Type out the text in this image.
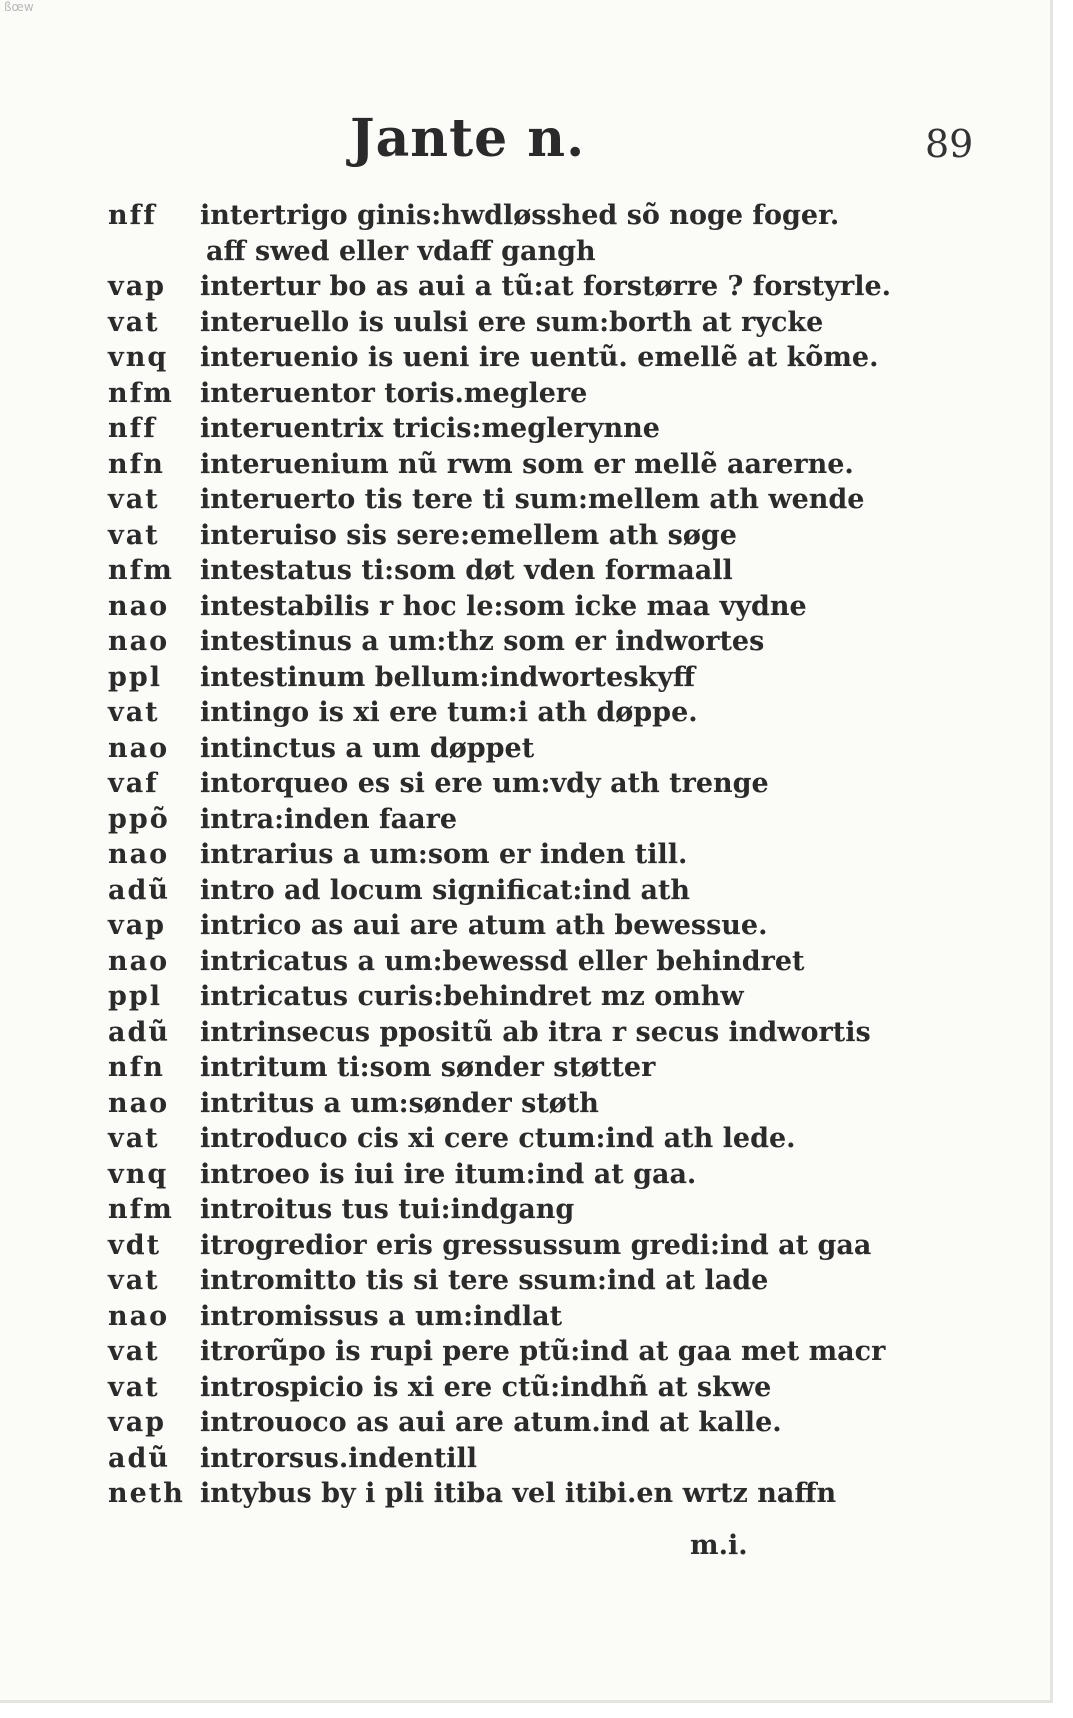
ßœw
Jante n.	89
nff	intertrigo ginis:hwdløsshed sõ noge foger.
aff swed eller vdaff gangh
vap	intertur bo as aui a tũ:at forstørre ? forstyrle.
vat	interuello is uulsi ere sum:borth at rycke
vnq	interuenio is ueni ire uentũ. emellẽ at kõme.
nfm interuentor toris.meglere
nff	interuentrix tricis:meglerynne
nfn	interuenium nũ rwm som er mellẽ aarerne.
vat	interuerto tis tere ti sum:mellem ath wende
vat	interuiso sis sere:emellem ath søge
nfm intestatus ti:som døt vden formaall
nao	intestabilis r hoc le:som icke maa vydne
nao	intestinus a um:thz som er indwortes
ppl	intestinum bellum:indworteskyff
vat	intingo is xi ere tum:i ath døppe.
nao	intinctus a um døppet
vaf	intorqueo es si ere um:vdy ath trenge
ppõ	intra:inden faare
nao	intrarius a um:som er inden till.
adũ	intro ad locum significat:ind ath
vap	intrico as aui are atum ath bewessue.
nao	intricatus a um:bewessd eller behindret
ppl	intricatus curis:behindret mz omhw
adũ	intrinsecus ppositũ ab itra r secus indwortis
nfn	intritum ti:som sønder støtter
nao	intritus a um:sønder støth
vat	introduco cis xi cere ctum:ind ath lede.
vnq	introeo is iui ire itum:ind at gaa.
nfm introitus tus tui:indgang
vdt	itrogredior eris gressussum gredi:ind at gaa
vat	intromitto tis si tere ssum:ind at lade
nao	intromissus a um:indlat
vat	itrorũpo is rupi pere ptũ:ind at gaa met macr
vat	introspicio is xi ere ctũ:indhñ at skwe
vap	introuoco as aui are atum.ind at kalle.
adũ	introrsus.indentill
neth intybus by i pli itiba vel itibi.en wrtz naffn
m.i.
